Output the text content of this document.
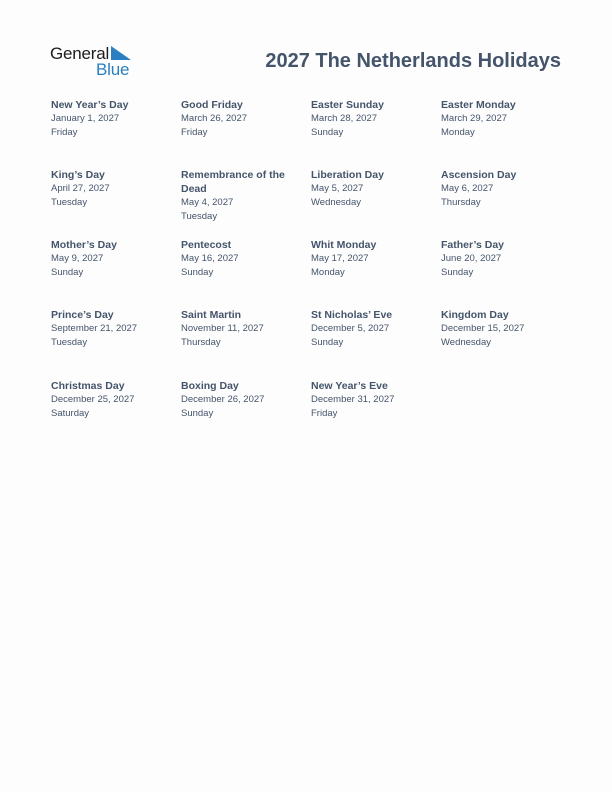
General
Blue	2027 The Netherlands Holidays
New Year’s Day
January 1, 2027
Friday
Good Friday
March 26, 2027
Friday
Easter Sunday
March 28, 2027
Sunday
Easter Monday
March 29, 2027
Monday
King’s Day
April 27, 2027
Tuesday
Remembrance of the Dead
May 4, 2027
Tuesday
Liberation Day
May 5, 2027
Wednesday
Ascension Day
May 6, 2027
Thursday
Mother’s Day
May 9, 2027
Sunday
Pentecost
May 16, 2027
Sunday
Whit Monday
May 17, 2027
Monday
Father’s Day
June 20, 2027
Sunday
Prince’s Day
September 21, 2027
Tuesday
Saint Martin
November 11, 2027
Thursday
St Nicholas’ Eve
December 5, 2027
Sunday
Kingdom Day
December 15, 2027
Wednesday
Christmas Day
December 25, 2027
Saturday
Boxing Day
December 26, 2027
Sunday
New Year’s Eve
December 31, 2027
Friday
